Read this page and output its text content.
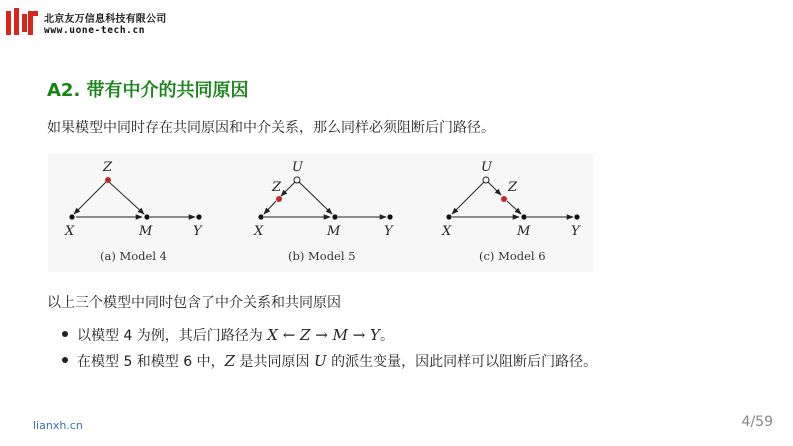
北京友万信息科技有限公司
www.uone-tech.cn
A2. 带有中介的共同原因
如果模型中同时存在共同原因和中介关系，那么同样必须阻断后门路径。
Z
X	M	Y
(a) Model 4
U
Z
X	M	Y
(b) Model 5
U
Z
X	M	Y
(c) Model 6
以上三个模型中同时包含了中介关系和共同原因
以模型 4 为例，其后门路径为 X ← Z → M → Y。
在模型 5 和模型 6 中，Z 是共同原因 U 的派生变量，因此同样可以阻断后门路径。
lianxh.cn	4/59
